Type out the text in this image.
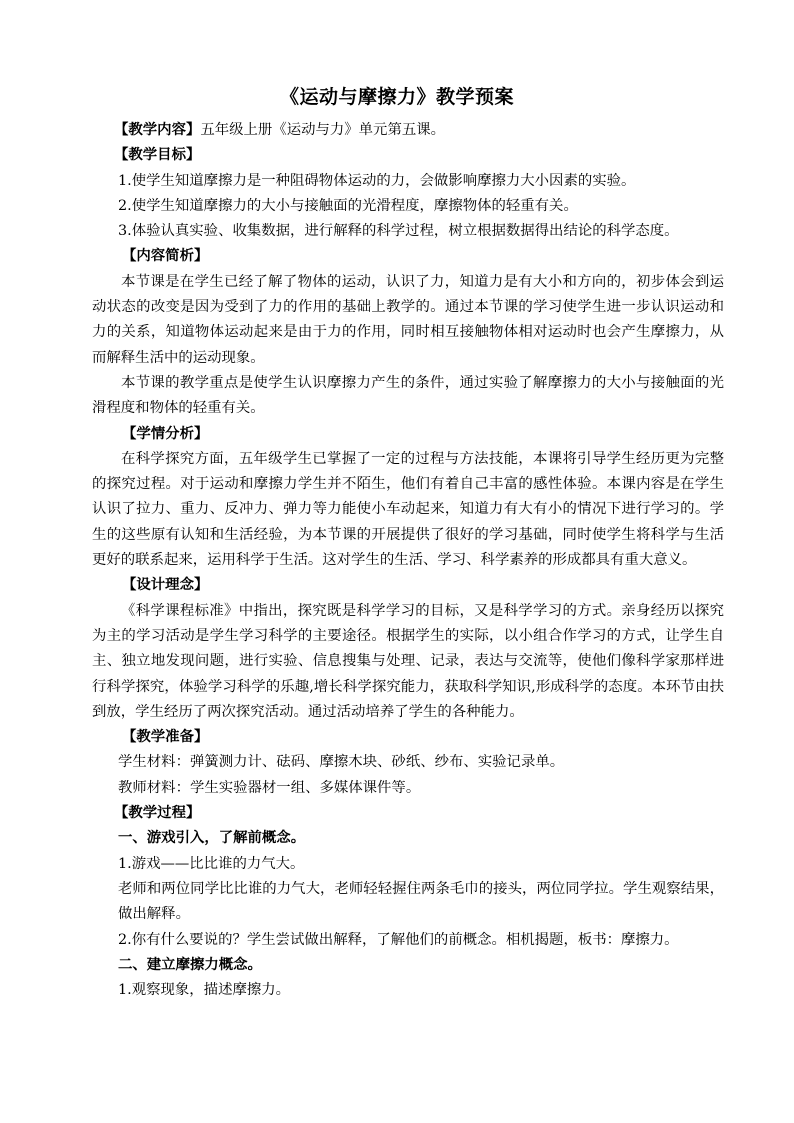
《运动与摩擦力》教学预案

【教学内容】五年级上册《运动与力》单元第五课。

【教学目标】

1.使学生知道摩擦力是一种阻碍物体运动的力，会做影响摩擦力大小因素的实验。

2.使学生知道摩擦力的大小与接触面的光滑程度，摩擦物体的轻重有关。

3.体验认真实验、收集数据，进行解释的科学过程，树立根据数据得出结论的科学态度。

【内容简析】

本节课是在学生已经了解了物体的运动，认识了力，知道力是有大小和方向的，初步体会到运动状态的改变是因为受到了力的作用的基础上教学的。通过本节课的学习使学生进一步认识运动和力的关系，知道物体运动起来是由于力的作用，同时相互接触物体相对运动时也会产生摩擦力，从而解释生活中的运动现象。

本节课的教学重点是使学生认识摩擦力产生的条件，通过实验了解摩擦力的大小与接触面的光滑程度和物体的轻重有关。

【学情分析】

在科学探究方面，五年级学生已掌握了一定的过程与方法技能，本课将引导学生经历更为完整的探究过程。对于运动和摩擦力学生并不陌生，他们有着自己丰富的感性体验。本课内容是在学生认识了拉力、重力、反冲力、弹力等力能使小车动起来，知道力有大有小的情况下进行学习的。学生的这些原有认知和生活经验，为本节课的开展提供了很好的学习基础，同时使学生将科学与生活更好的联系起来，运用科学于生活。这对学生的生活、学习、科学素养的形成都具有重大意义。

【设计理念】

《科学课程标准》中指出，探究既是科学学习的目标，又是科学学习的方式。亲身经历以探究为主的学习活动是学生学习科学的主要途径。根据学生的实际，以小组合作学习的方式，让学生自主、独立地发现问题，进行实验、信息搜集与处理、记录，表达与交流等，使他们像科学家那样进行科学探究，体验学习科学的乐趣,增长科学探究能力，获取科学知识,形成科学的态度。本环节由扶到放，学生经历了两次探究活动。通过活动培养了学生的各种能力。

【教学准备】

学生材料：弹簧测力计、砝码、摩擦木块、砂纸、纱布、实验记录单。

教师材料：学生实验器材一组、多媒体课件等。

【教学过程】

一、游戏引入，了解前概念。

1.游戏——比比谁的力气大。

老师和两位同学比比谁的力气大，老师轻轻握住两条毛巾的接头，两位同学拉。学生观察结果，做出解释。

2.你有什么要说的？学生尝试做出解释，了解他们的前概念。相机揭题，板书：摩擦力。

二、建立摩擦力概念。

1.观察现象，描述摩擦力。
